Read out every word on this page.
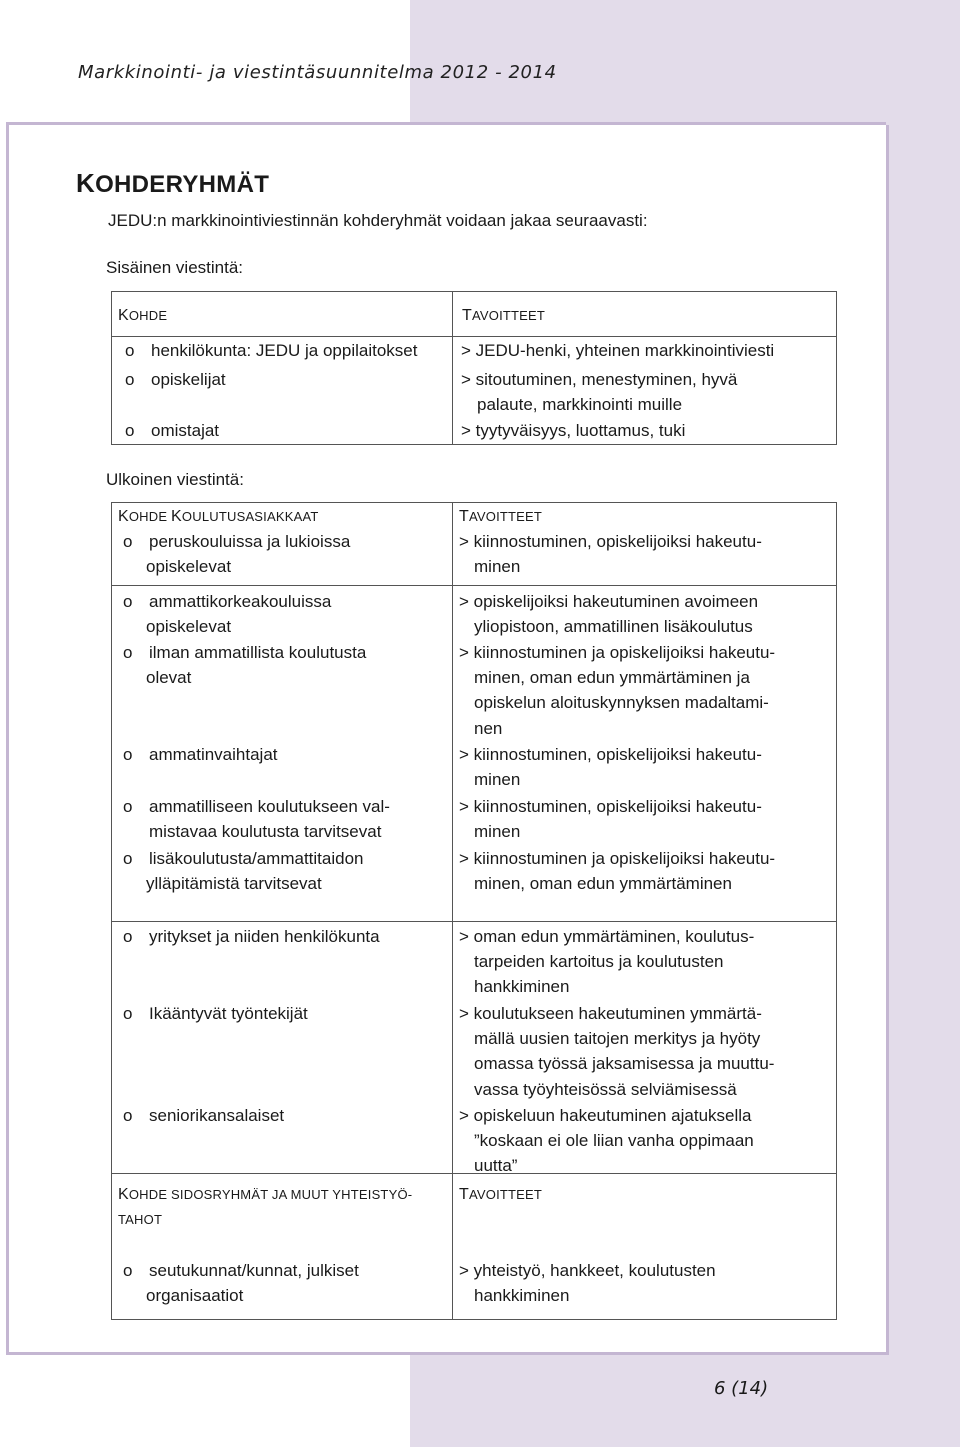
Markkinointi- ja viestintäsuunnitelma 2012 - 2014
KOHDERYHMÄT
JEDU:n markkinointiviestinnän kohderyhmät voidaan jakaa seuraavasti:
Sisäinen viestintä:
KOHDE	TAVOITTEET
o henkilökunta: JEDU ja oppilaitokset	> JEDU-henki, yhteinen markkinointiviesti
o opiskelijat	> sitoutuminen, menestyminen, hyvä
palaute, markkinointi muille
o omistajat	> tyytyväisyys, luottamus, tuki
Ulkoinen viestintä:
KOHDE KOULUTUSASIAKKAAT	TAVOITTEET
o peruskouluissa ja lukioissa
opiskelevat
> kiinnostuminen, opiskelijoiksi hakeutu-
minen
o ammattikorkeakouluissa
opiskelevat
> opiskelijoiksi hakeutuminen avoimeen
yliopistoon, ammatillinen lisäkoulutus
o ilman ammatillista koulutusta
olevat
> kiinnostuminen ja opiskelijoiksi hakeutu-
minen, oman edun ymmärtäminen ja
opiskelun aloituskynnyksen madaltami-
nen
o ammatinvaihtajat	> kiinnostuminen, opiskelijoiksi hakeutu-
minen
o ammatilliseen koulutukseen val-
mistavaa koulutusta tarvitsevat
> kiinnostuminen, opiskelijoiksi hakeutu-
minen
o lisäkoulutusta/ammattitaidon
ylläpitämistä tarvitsevat
> kiinnostuminen ja opiskelijoiksi hakeutu-
minen, oman edun ymmärtäminen
o yritykset ja niiden henkilökunta	> oman edun ymmärtäminen, koulutus-
tarpeiden kartoitus ja koulutusten
hankkiminen
o Ikääntyvät työntekijät	> koulutukseen hakeutuminen ymmärtä-
mällä uusien taitojen merkitys ja hyöty
omassa työssä jaksamisessa ja muuttu-
vassa työyhteisössä selviämisessä
o seniorikansalaiset	> opiskeluun hakeutuminen ajatuksella
”koskaan ei ole liian vanha oppimaan
uutta”
KOHDE SIDOSRYHMÄT JA MUUT YHTEISTYÖ-
TAHOT
TAVOITTEET
o seutukunnat/kunnat, julkiset
organisaatiot
> yhteistyö, hankkeet, koulutusten
hankkiminen
6 (14)
